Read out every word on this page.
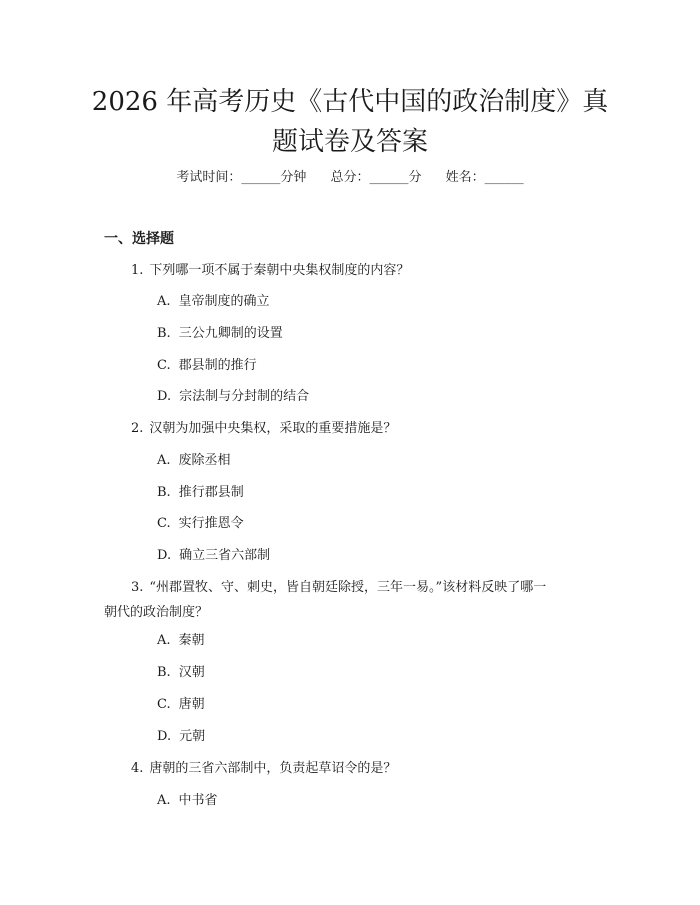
2026 年高考历史《古代中国的政治制度》真
题试卷及答案
考试时间：______分钟 总分：______分 姓名：______
一、选择题
1. 下列哪一项不属于秦朝中央集权制度的内容？
A. 皇帝制度的确立
B. 三公九卿制的设置
C. 郡县制的推行
D. 宗法制与分封制的结合
2. 汉朝为加强中央集权，采取的重要措施是？
A. 废除丞相
B. 推行郡县制
C. 实行推恩令
D. 确立三省六部制
3. “州郡置牧、守、刺史，皆自朝廷除授，三年一易。”该材料反映了哪一
朝代的政治制度？
A. 秦朝
B. 汉朝
C. 唐朝
D. 元朝
4. 唐朝的三省六部制中，负责起草诏令的是？
A. 中书省
